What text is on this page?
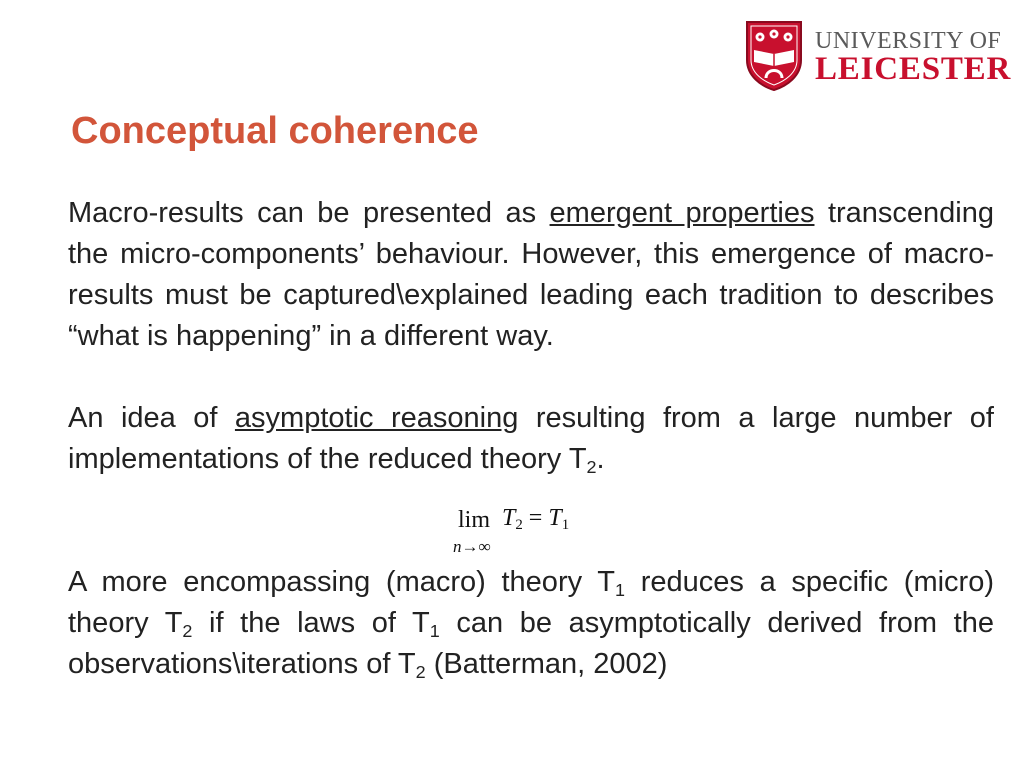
UNIVERSITY OF
LEICESTER
Conceptual coherence

Macro-results can be presented as emergent properties transcending the micro-components’ behaviour. However, this emergence of macro-results must be captured\explained leading each tradition to describes “what is happening” in a different way.

An idea of asymptotic reasoning resulting from a large number of implementations of the reduced theory $T_2$.

lim
n→∞
$T_2 = T_1$

A more encompassing (macro) theory $T_1$ reduces a specific (micro) theory $T_2$ if the laws of $T_1$ can be asymptotically derived from the observations\iterations of $T_2$ (Batterman, 2002)
